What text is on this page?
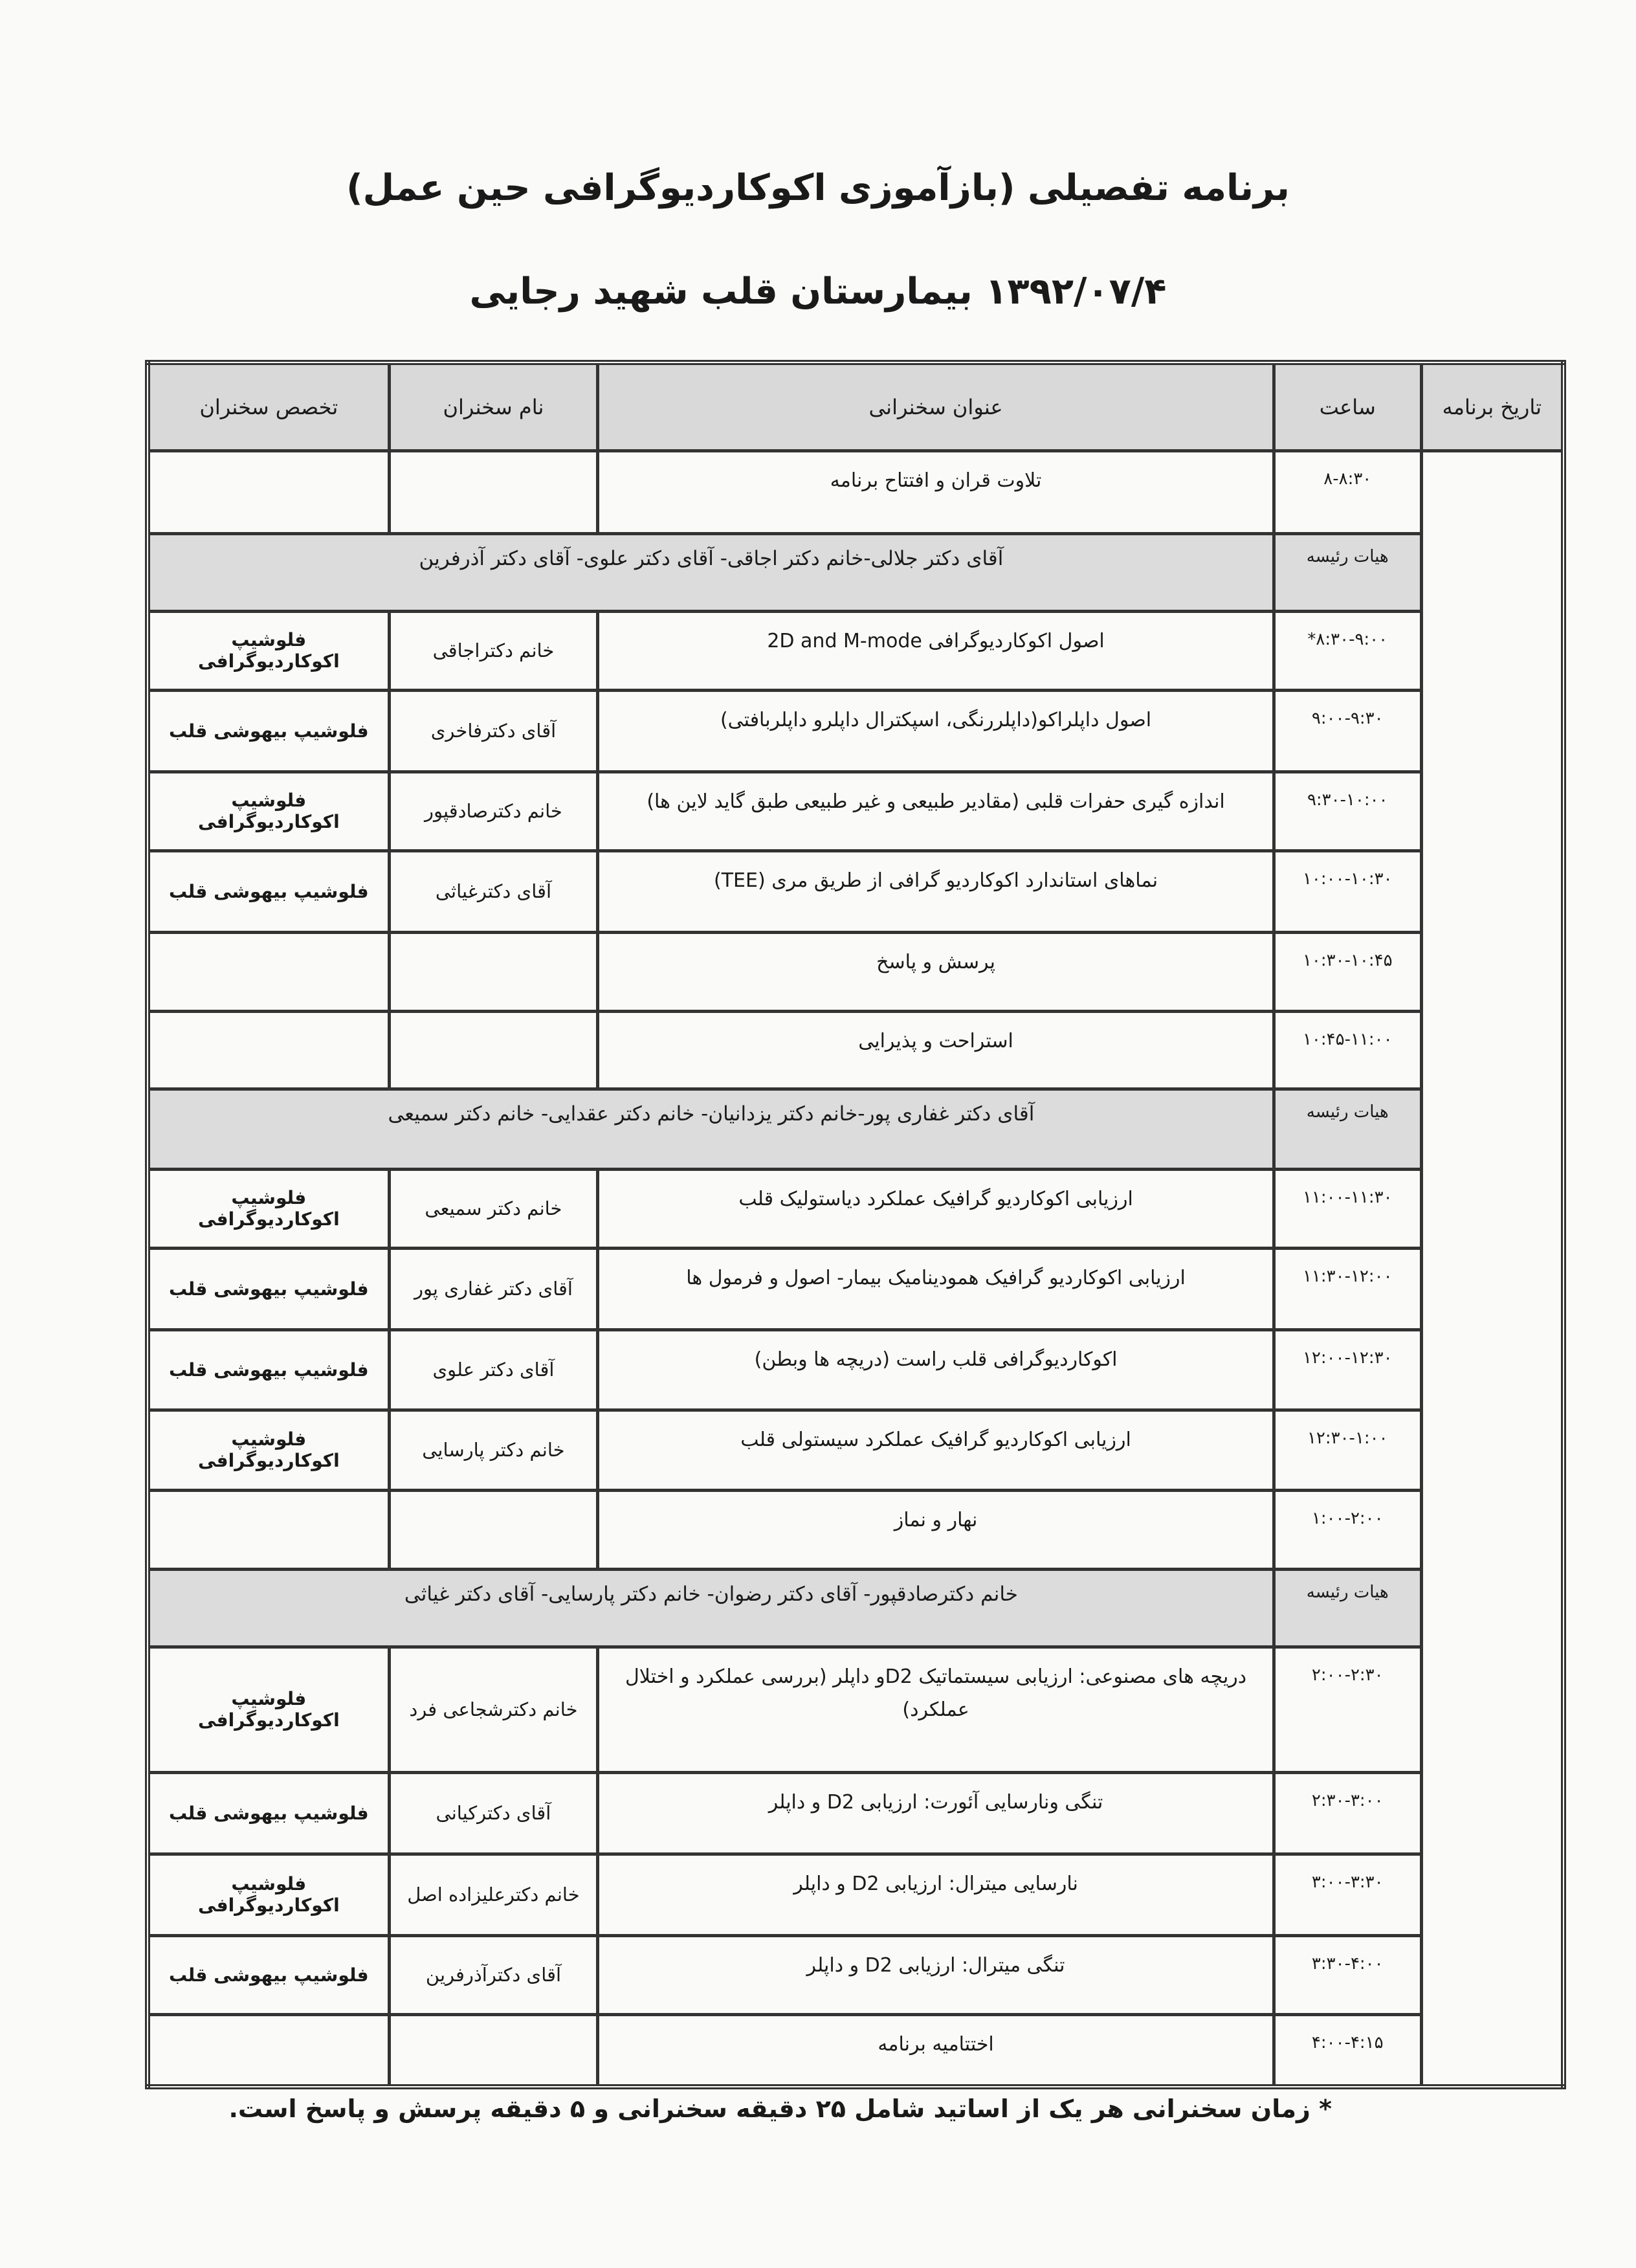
برنامه تفصیلی (بازآموزی اکوکاردیوگرافی حین عمل)
۱۳۹۲/۰۷/۴ بیمارستان قلب شهید رجایی
تاریخ برنامه	ساعت	عنوان سخنرانی	نام سخنران	تخصص سخنران
	۸-۸:۳۰	تلاوت قران و افتتاح برنامه		
	هیات رئیسه	آقای دکتر جلالی-خانم دکتر اجاقی- آقای دکتر علوی- آقای دکتر آذرفرین		
	۸:۳۰-۹:۰۰*	اصول اکوکاردیوگرافی 2D and M-mode	خانم دکتراجاقی	فلوشیپ اکوکاردیوگرافی
	۹:۰۰-۹:۳۰	اصول داپلراکو(داپلررنگی، اسپکترال داپلرو داپلربافتی)	آقای دکترفاخری	فلوشیپ بیهوشی قلب
	۹:۳۰-۱۰:۰۰	اندازه گیری حفرات قلبی (مقادیر طبیعی و غیر طبیعی طبق گاید لاین ها)	خانم دکترصادقپور	فلوشیپ اکوکاردیوگرافی
	۱۰:۰۰-۱۰:۳۰	نماهای استاندارد اکوکاردیو گرافی از طریق مری (TEE)	آقای دکترغیاثی	فلوشیپ بیهوشی قلب
	۱۰:۳۰-۱۰:۴۵	پرسش و پاسخ		
	۱۰:۴۵-۱۱:۰۰	استراحت و پذیرایی		
	هیات رئیسه	آقای دکتر غفاری پور-خانم دکتر یزدانیان- خانم دکتر عقدایی- خانم دکتر سمیعی		
	۱۱:۰۰-۱۱:۳۰	ارزیابی اکوکاردیو گرافیک عملکرد دیاستولیک قلب	خانم دکتر سمیعی	فلوشیپ اکوکاردیوگرافی
	۱۱:۳۰-۱۲:۰۰	ارزیابی اکوکاردیو گرافیک همودینامیک بیمار- اصول و فرمول ها	آقای دکتر غفاری پور	فلوشیپ بیهوشی قلب
	۱۲:۰۰-۱۲:۳۰	اکوکاردیوگرافی قلب راست (دریچه ها وبطن)	آقای دکتر علوی	فلوشیپ بیهوشی قلب
	۱۲:۳۰-۱:۰۰	ارزیابی اکوکاردیو گرافیک عملکرد سیستولی قلب	خانم دکتر پارسایی	فلوشیپ اکوکاردیوگرافی
	۱:۰۰-۲:۰۰	نهار و نماز		
	هیات رئیسه	خانم دکترصادقپور- آقای دکتر رضوان- خانم دکتر پارسایی- آقای دکتر غیاثی		
	۲:۰۰-۲:۳۰	دریچه های مصنوعی: ارزیابی سیستماتیک D2و داپلر (بررسی عملکرد و اختلال عملکرد)	خانم دکترشجاعی فرد	فلوشیپ اکوکاردیوگرافی
	۲:۳۰-۳:۰۰	تنگی ونارسایی آئورت: ارزیابی D2 و داپلر	آقای دکترکیانی	فلوشیپ بیهوشی قلب
	۳:۰۰-۳:۳۰	نارسایی میترال: ارزیابی D2 و داپلر	خانم دکترعلیزاده اصل	فلوشیپ اکوکاردیوگرافی
	۳:۳۰-۴:۰۰	تنگی میترال: ارزیابی D2 و داپلر	آقای دکترآذرفرین	فلوشیپ بیهوشی قلب
	۴:۰۰-۴:۱۵	اختتامیه برنامه		
* زمان سخنرانی هر یک از اساتید شامل ۲۵ دقیقه سخنرانی و ۵ دقیقه پرسش و پاسخ است.
